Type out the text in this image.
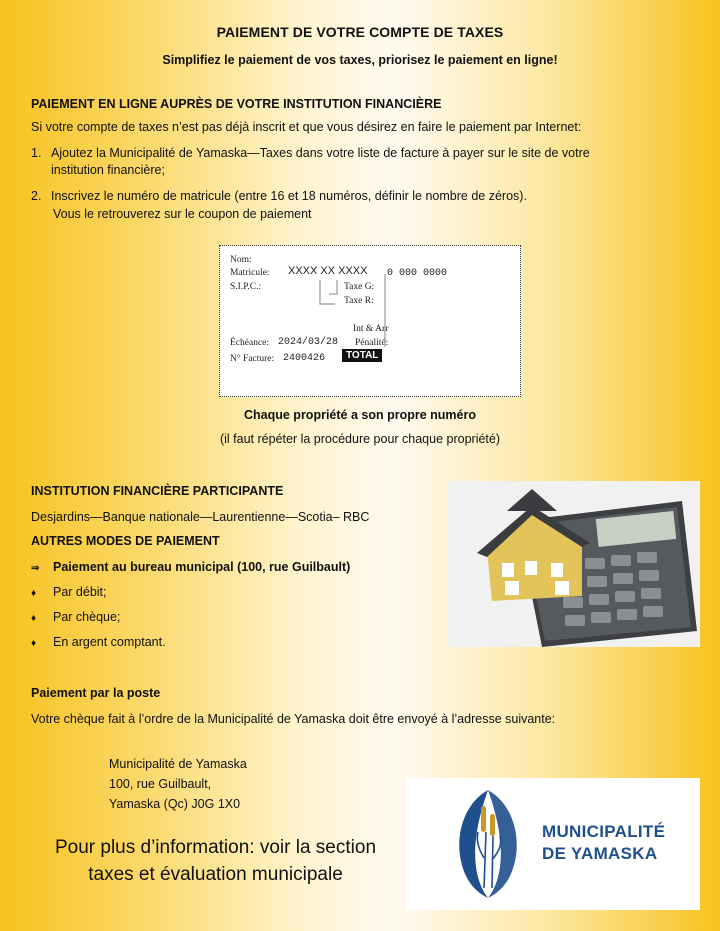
PAIEMENT DE VOTRE COMPTE DE TAXES
Simplifiez le paiement de vos taxes, priorisez le paiement en ligne!
PAIEMENT EN LIGNE AUPRÈS DE VOTRE INSTITUTION FINANCIÈRE
Si votre compte de taxes n’est pas déjà inscrit et que vous désirez en faire le paiement par Internet:
1. Ajoutez la Municipalité de Yamaska—Taxes dans votre liste de facture à payer sur le site de votre
institution financière;
2. Inscrivez le numéro de matricule (entre 16 et 18 numéros, définir le nombre de zéros).
Vous le retrouverez sur le coupon de paiement
Nom:
Matricule: XXXX XX XXXX 0 000 0000
S.I.P.C.:	Taxe G:
Taxe R:
Int & Arr
Échéance: 2024/03/28 Pénalité:
N° Facture: 2400426	TOTAL
Chaque propriété a son propre numéro
(il faut répéter la procédure pour chaque propriété)
INSTITUTION FINANCIÈRE PARTICIPANTE
Desjardins—Banque nationale—Laurentienne—Scotia– RBC
AUTRES MODES DE PAIEMENT
⇒ Paiement au bureau municipal (100, rue Guilbault)
♦ Par débit;
♦ Par chèque;
♦ En argent comptant.
Paiement par la poste
Votre chèque fait à l’ordre de la Municipalité de Yamaska doit être envoyé à l’adresse suivante:
Municipalité de Yamaska
100, rue Guilbault,
Yamaska (Qc) J0G 1X0
Pour plus d’information: voir la section
taxes et évaluation municipale
MUNICIPALITÉ
DE YAMASKA
